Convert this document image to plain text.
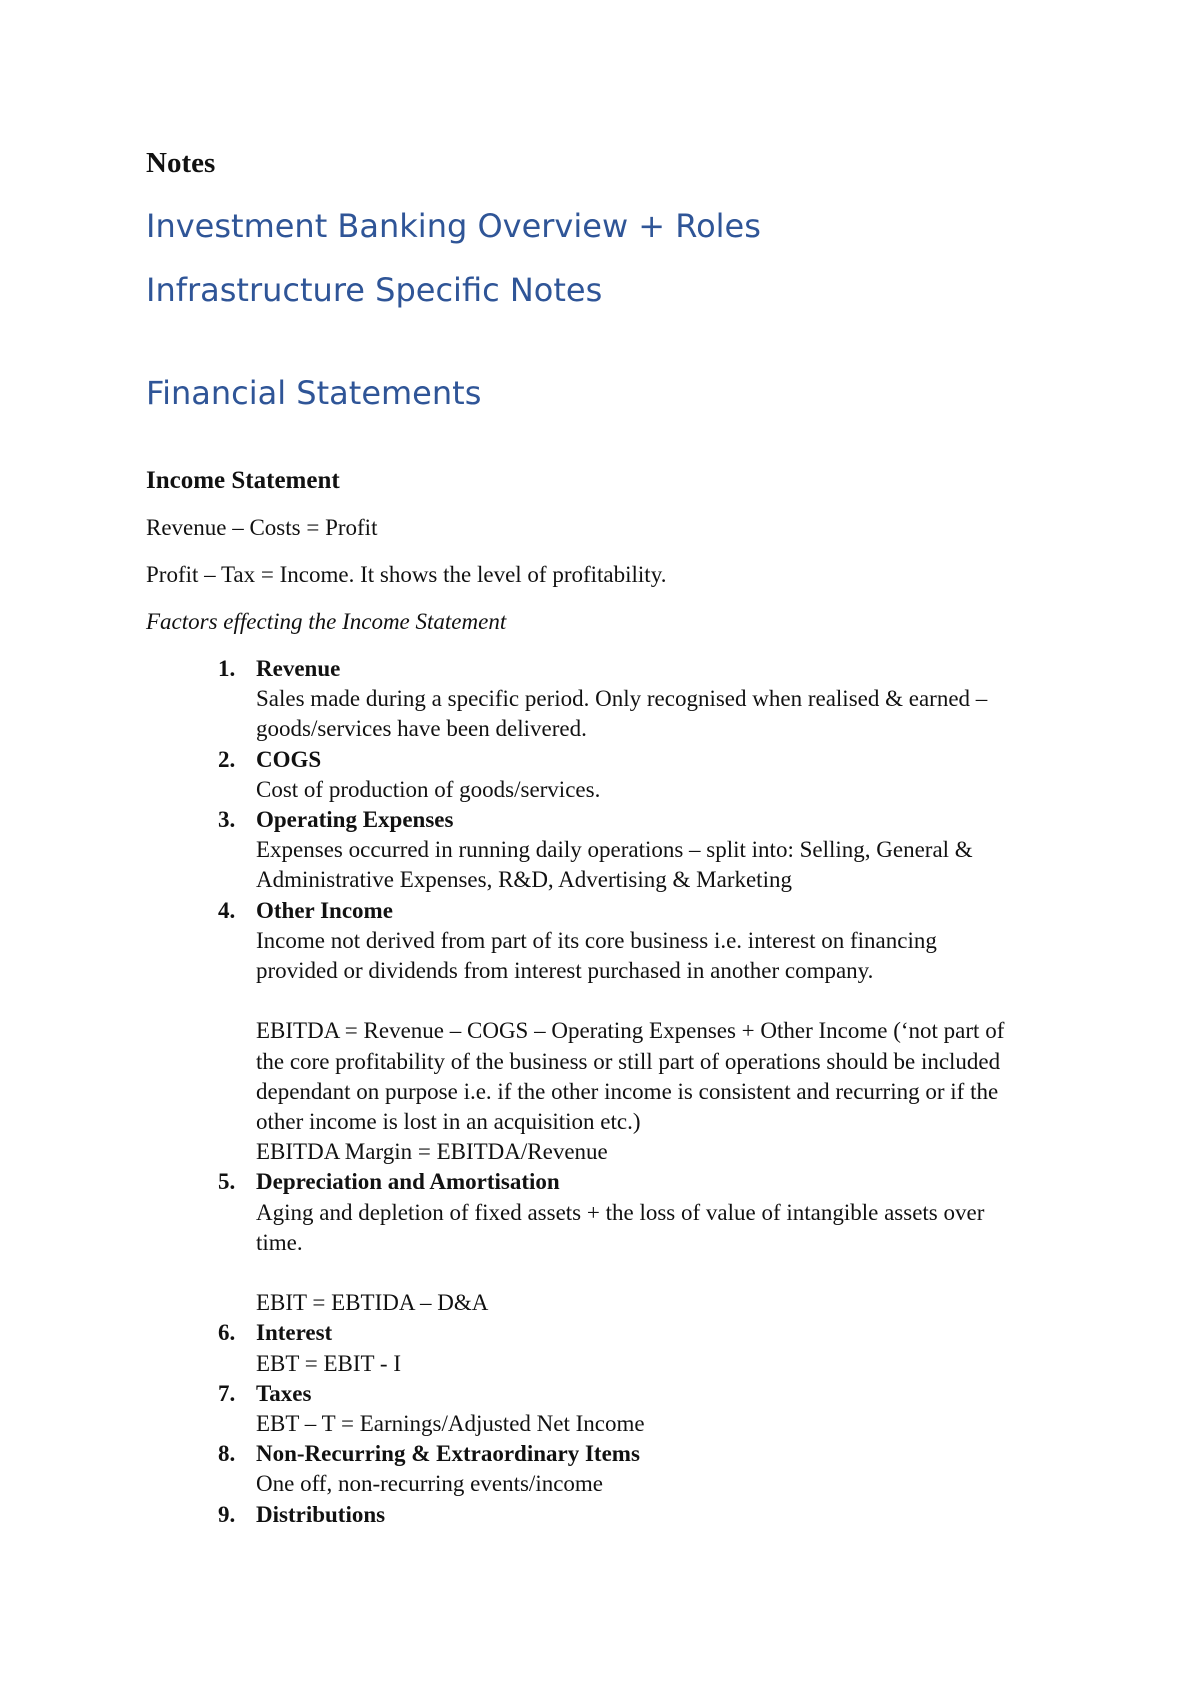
Notes
Investment Banking Overview + Roles
Infrastructure Specific Notes
Financial Statements
Income Statement

Revenue – Costs = Profit

Profit – Tax = Income. It shows the level of profitability.

Factors effecting the Income Statement

1. Revenue
Sales made during a specific period. Only recognised when realised & earned –
goods/services have been delivered.
2. COGS
Cost of production of goods/services.
3. Operating Expenses
Expenses occurred in running daily operations – split into: Selling, General &
Administrative Expenses, R&D, Advertising & Marketing
4. Other Income
Income not derived from part of its core business i.e. interest on financing
provided or dividends from interest purchased in another company.

EBITDA = Revenue – COGS – Operating Expenses + Other Income (‘not part of
the core profitability of the business or still part of operations should be included
dependant on purpose i.e. if the other income is consistent and recurring or if the
other income is lost in an acquisition etc.)
EBITDA Margin = EBITDA/Revenue
5. Depreciation and Amortisation
Aging and depletion of fixed assets + the loss of value of intangible assets over
time.

EBIT = EBTIDA – D&A
6. Interest
EBT = EBIT - I
7. Taxes
EBT – T = Earnings/Adjusted Net Income
8. Non-Recurring & Extraordinary Items
One off, non-recurring events/income
9. Distributions
